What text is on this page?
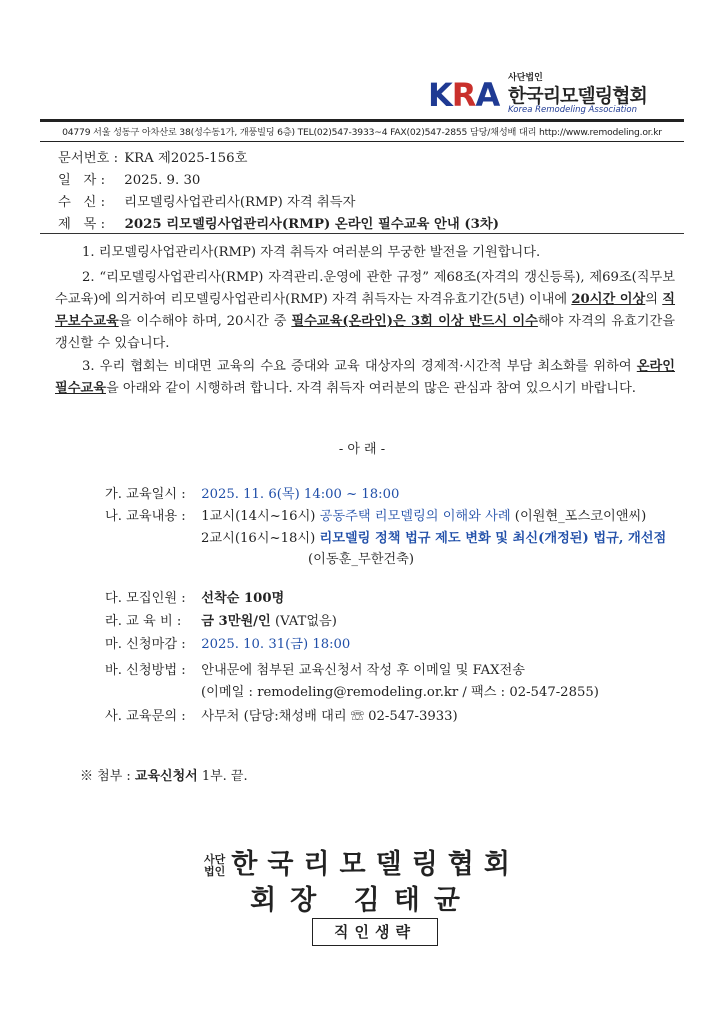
KRA 사단법인
한국리모델링협회
Korea Remodeling Association
04779 서울 성동구 아차산로 38(성수동1가, 개풍빌딩 6층) TEL(02)547-3933~4 FAX(02)547-2855 담당/채성배 대리 http://www.remodeling.or.kr
문서번호 : KRA 제2025-156호
일   자 : 2025. 9. 30
수   신 : 리모델링사업관리사(RMP) 자격 취득자
제   목 : 2025 리모델링사업관리사(RMP) 온라인 필수교육 안내 (3차)
1. 리모델링사업관리사(RMP) 자격 취득자 여러분의 무궁한 발전을 기원합니다.
2. “리모델링사업관리사(RMP) 자격관리.운영에 관한 규정” 제68조(자격의 갱신등록), 제69조(직무보수교육)에 의거하여 리모델링사업관리사(RMP) 자격 취득자는 자격유효기간(5년) 이내에 20시간 이상의 직무보수교육을 이수해야 하며, 20시간 중 필수교육(온라인)은 3회 이상 반드시 이수해야 자격의 유효기간을 갱신할 수 있습니다.
3. 우리 협회는 비대면 교육의 수요 증대와 교육 대상자의 경제적·시간적 부담 최소화를 위하여 온라인 필수교육을 아래와 같이 시행하려 합니다. 자격 취득자 여러분의 많은 관심과 참여 있으시기 바랍니다.
- 아 래 -
가. 교육일시 : 2025. 11. 6(목) 14:00 ~ 18:00
나. 교육내용 : 1교시(14시~16시) 공동주택 리모델링의 이해와 사례 (이원현_포스코이앤씨)
2교시(16시~18시) 리모델링 정책 법규 제도 변화 및 최신(개정된) 법규, 개선점
(이동훈_무한건축)
다. 모집인원 : 선착순 100명
라. 교 육 비 : 금 3만원/인 (VAT없음)
마. 신청마감 : 2025. 10. 31(금) 18:00
바. 신청방법 : 안내문에 첨부된 교육신청서 작성 후 이메일 및 FAX전송
(이메일 : remodeling@remodeling.or.kr / 팩스 : 02-547-2855)
사. 교육문의 : 사무처 (담당:채성배 대리 ☏ 02-547-3933)
※ 첨부 : 교육신청서 1부. 끝.
사단
법인 한국리모델링협회
회장 김태균
직인생략
